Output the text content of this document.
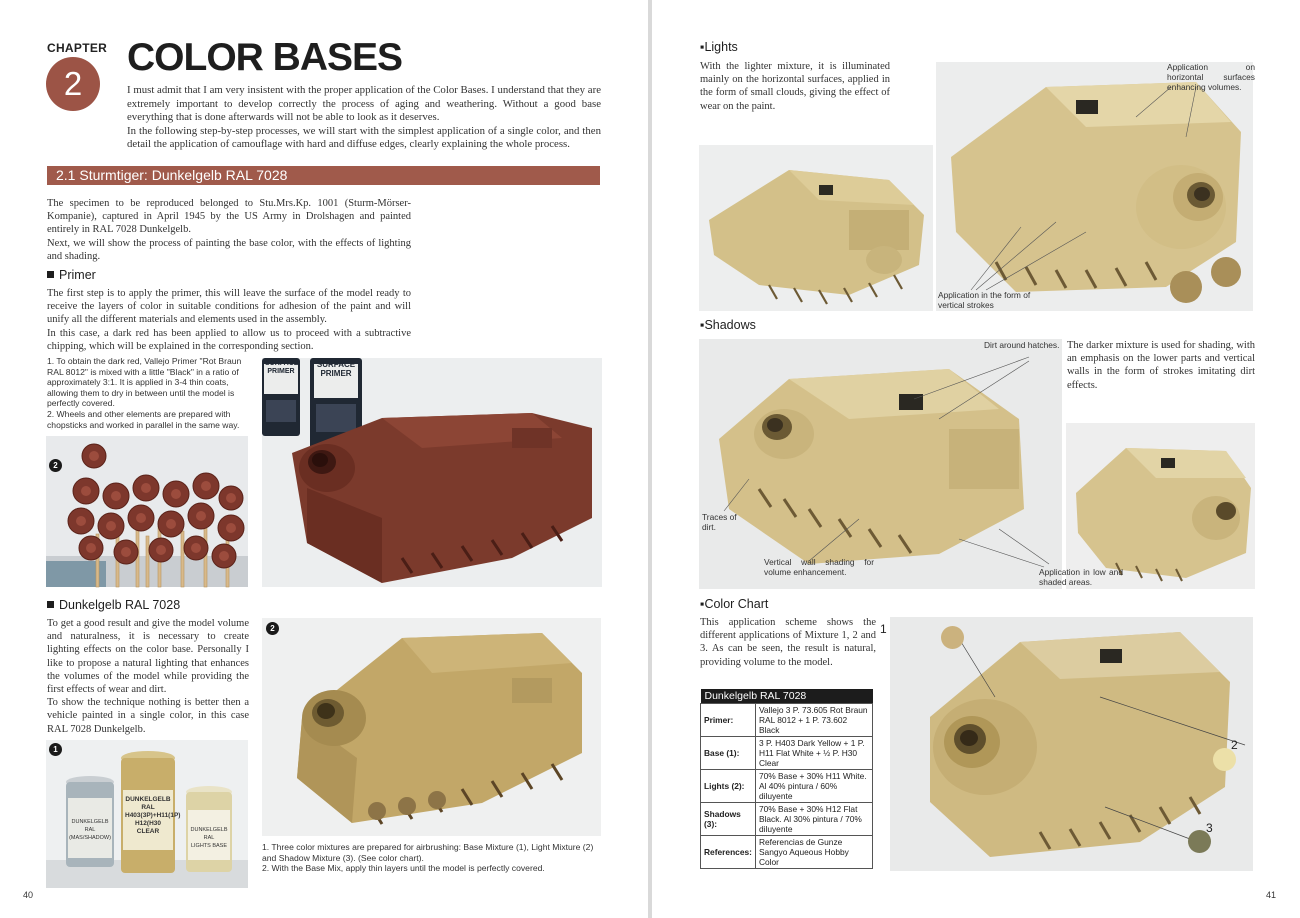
CHAPTER
2
COLOR BASES

I must admit that I am very insistent with the proper application of the Color Bases. I understand that they are extremely important to develop correctly the process of aging and weathering. Without a good base everything that is done afterwards will not be able to look as it deserves.

In the following step-by-step processes, we will start with the simplest application of a single color, and then detail the application of camouflage with hard and diffuse edges, clearly explaining the whole process.

2.1 Sturmtiger: Dunkelgelb RAL 7028

The specimen to be reproduced belonged to Stu.Mrs.Kp. 1001 (Sturm-Mörser-Kompanie), captured in April 1945 by the US Army in Drolshagen and painted entirely in RAL 7028 Dunkelgelb.

Next, we will show the process of painting the base color, with the effects of lighting and shading.

Primer

The first step is to apply the primer, this will leave the surface of the model ready to receive the layers of color in suitable conditions for adhesion of the paint and will unify all the different materials and elements used in the assembly.

In this case, a dark red has been applied to allow us to proceed with a subtractive chipping, which will be explained in the corresponding section.

1. To obtain the dark red, Vallejo Primer "Rot Braun RAL 8012" is mixed with a little "Black" in a ratio of approximately 3:1. It is applied in 3-4 thin coats, allowing them to dry in between until the model is perfectly covered.

2. Wheels and other elements are prepared with chopsticks and worked in parallel in the same way.

2
SURFACE PRIMER
SURFACE PRIMER
Dunkelgelb RAL 7028

To get a good result and give the model volume and naturalness, it is necessary to create lighting effects on the color base. Personally I like to propose a natural lighting that enhances the volumes of the model while providing the first effects of wear and dirt.

To show the technique nothing is better then a vehicle painted in a single color, in this case RAL 7028 Dunkelgelb.

DUNKELGELB RAL
H403(3P)+H11(1P)
H12(H30 CLEAR
DUNKELGELB RAL
(MAS/SHADOW)
DUNKELGELB RAL
LIGHTS BASE
1
2

1. Three color mixtures are prepared for airbrushing: Base Mixture (1), Light Mixture (2) and Shadow Mixture (3). (See color chart).

2. With the Base Mix, apply thin layers until the model is perfectly covered.

40
▪Lights
With the lighter mixture, it is illuminated mainly on the horizontal surfaces, applied in the form of small clouds, giving the effect of wear on the paint.
Application on horizontal surfaces enhancing volumes.
Application in the form of vertical strokes
▪Shadows
Dirt around hatches.
Traces of dirt.
Vertical wall shading for volume enhancement.
The darker mixture is used for shading, with an emphasis on the lower parts and vertical walls in the form of strokes imitating dirt effects.
Application in low and shaded areas.
▪Color Chart
This application scheme shows the different applications of Mixture 1, 2 and 3. As can be seen, the result is natural, providing volume to the model.
Dunkelgelb RAL 7028	
Primer:	Vallejo 3 P. 73.605 Rot Braun RAL 8012 + 1 P. 73.602 Black
Base (1):	3 P. H403 Dark Yellow + 1 P. H11 Flat White + ½ P. H30 Clear
Lights (2):	70% Base + 30% H11 White. Al 40% pintura / 60% diluyente
Shadows (3):	70% Base + 30% H12 Flat Black. Al 30% pintura / 70% diluyente
References:	Referencias de Gunze Sangyo Aqueous Hobby Color
1
2
3
41
